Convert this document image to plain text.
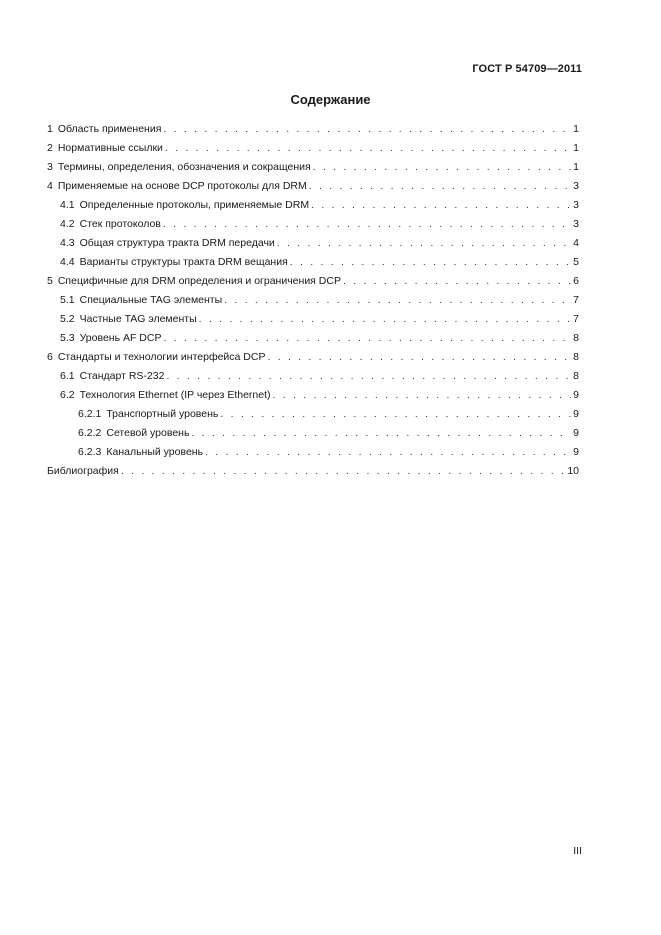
ГОСТ Р 54709—2011
Содержание
1 Область применения . . .	1
2 Нормативные ссылки . . .	1
3 Термины, определения, обозначения и сокращения . . .	1
4 Применяемые на основе DCP протоколы для DRM . . .	3
4.1 Определенные протоколы, применяемые DRM . . .	3
4.2 Стек протоколов . . .	3
4.3 Общая структура тракта DRM передачи . . .	4
4.4 Варианты структуры тракта DRM вещания . . .	5
5 Специфичные для DRM определения и ограничения DCP . . .	6
5.1 Специальные TAG элементы . . .	7
5.2 Частные TAG элементы . . .	7
5.3 Уровень AF DCP . . .	8
6 Стандарты и технологии интерфейса DCP . . .	8
6.1 Стандарт RS-232 . . .	8
6.2 Технология Ethernet (IP через Ethernet) . . .	9
6.2.1 Транспортный уровень . . .	9
6.2.2 Сетевой уровень . . .	9
6.2.3 Канальный уровень . . .	9
Библиография . . .	10
III
